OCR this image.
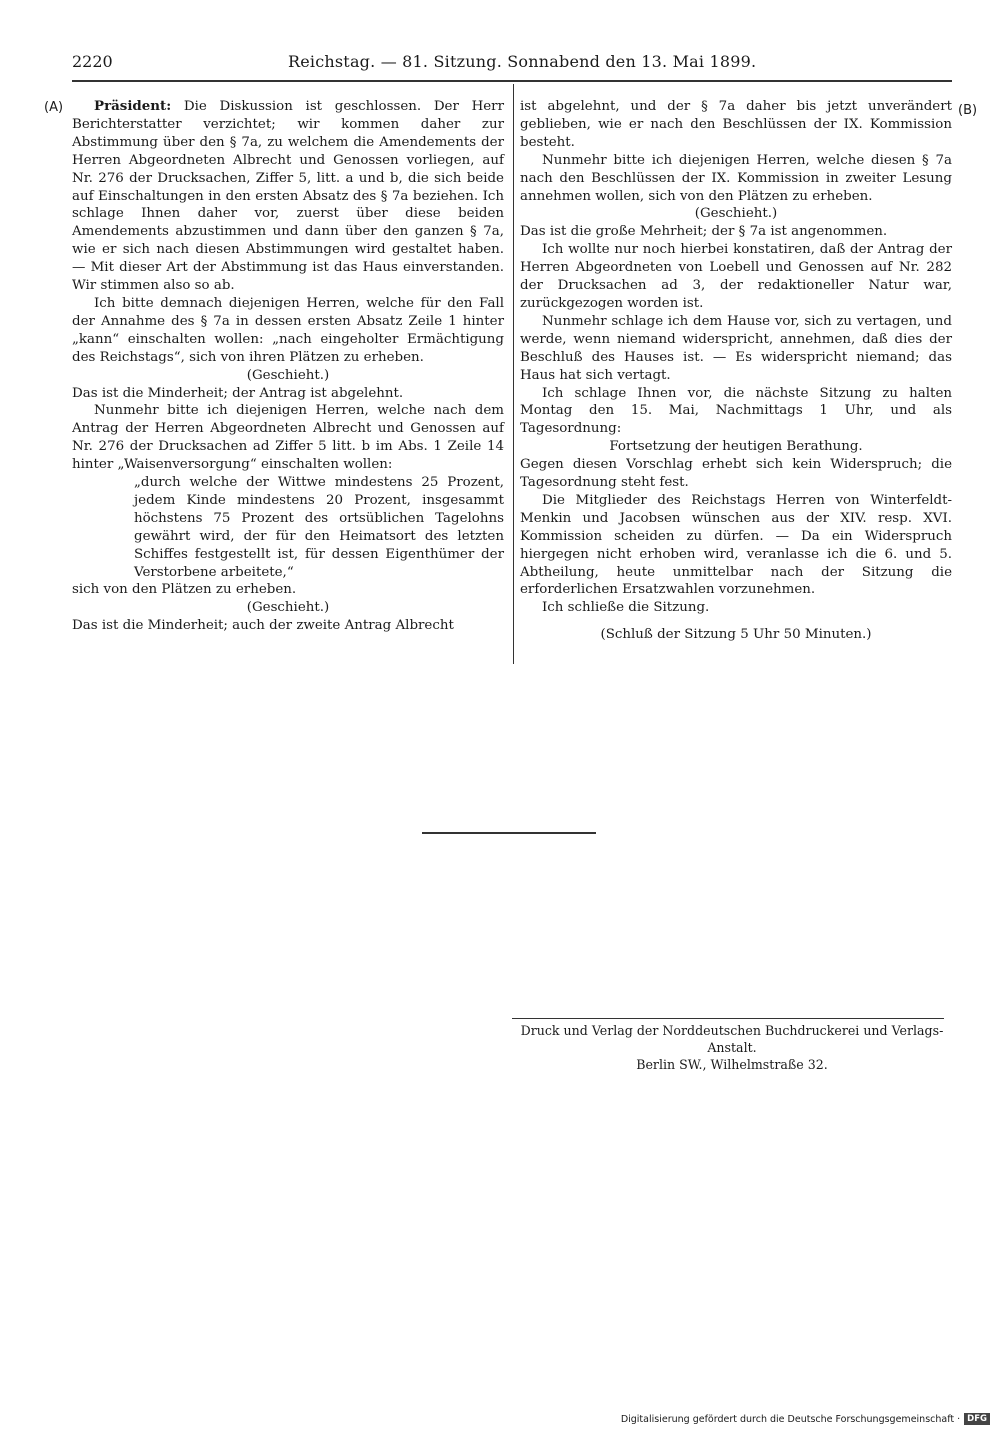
2220	Reichstag. — 81. Sitzung. Sonnabend den 13. Mai 1899.
(A)	(B)

Präsident: Die Diskussion ist geschlossen. Der Herr Berichterstatter verzichtet; wir kommen daher zur Abstimmung über den § 7a, zu welchem die Amendements der Herren Abgeordneten Albrecht und Genossen vorliegen, auf Nr. 276 der Drucksachen, Ziffer 5, litt. a und b, die sich beide auf Einschaltungen in den ersten Absatz des § 7a beziehen. Ich schlage Ihnen daher vor, zuerst über diese beiden Amendements abzustimmen und dann über den ganzen § 7a, wie er sich nach diesen Abstimmungen wird gestaltet haben. — Mit dieser Art der Abstimmung ist das Haus einverstanden. Wir stimmen also so ab.

Ich bitte demnach diejenigen Herren, welche für den Fall der Annahme des § 7a in dessen ersten Absatz Zeile 1 hinter „kann“ einschalten wollen: „nach eingeholter Ermächtigung des Reichstags“, sich von ihren Plätzen zu erheben.

(Geschieht.)

Das ist die Minderheit; der Antrag ist abgelehnt.

Nunmehr bitte ich diejenigen Herren, welche nach dem Antrag der Herren Abgeordneten Albrecht und Genossen auf Nr. 276 der Drucksachen ad Ziffer 5 litt. b im Abs. 1 Zeile 14 hinter „Waisenversorgung“ einschalten wollen:

„durch welche der Wittwe mindestens 25 Prozent, jedem Kinde mindestens 20 Prozent, insgesammt höchstens 75 Prozent des ortsüblichen Tagelohns gewährt wird, der für den Heimatsort des letzten Schiffes festgestellt ist, für dessen Eigenthümer der Verstorbene arbeitete,“

sich von den Plätzen zu erheben.

(Geschieht.)

Das ist die Minderheit; auch der zweite Antrag Albrecht

ist abgelehnt, und der § 7a daher bis jetzt unverändert geblieben, wie er nach den Beschlüssen der IX. Kommission besteht.

Nunmehr bitte ich diejenigen Herren, welche diesen § 7a nach den Beschlüssen der IX. Kommission in zweiter Lesung annehmen wollen, sich von den Plätzen zu erheben.

(Geschieht.)

Das ist die große Mehrheit; der § 7a ist angenommen.

Ich wollte nur noch hierbei konstatiren, daß der Antrag der Herren Abgeordneten von Loebell und Genossen auf Nr. 282 der Drucksachen ad 3, der redaktioneller Natur war, zurückgezogen worden ist.

Nunmehr schlage ich dem Hause vor, sich zu vertagen, und werde, wenn niemand widerspricht, annehmen, daß dies der Beschluß des Hauses ist. — Es widerspricht niemand; das Haus hat sich vertagt.

Ich schlage Ihnen vor, die nächste Sitzung zu halten Montag den 15. Mai, Nachmittags 1 Uhr, und als Tagesordnung:

Fortsetzung der heutigen Berathung.

Gegen diesen Vorschlag erhebt sich kein Widerspruch; die Tagesordnung steht fest.

Die Mitglieder des Reichstags Herren von Winterfeldt-Menkin und Jacobsen wünschen aus der XIV. resp. XVI. Kommission scheiden zu dürfen. — Da ein Widerspruch hiergegen nicht erhoben wird, veranlasse ich die 6. und 5. Abtheilung, heute unmittelbar nach der Sitzung die erforderlichen Ersatzwahlen vorzunehmen.

Ich schließe die Sitzung.

(Schluß der Sitzung 5 Uhr 50 Minuten.)

Druck und Verlag der Norddeutschen Buchdruckerei und Verlags-Anstalt.
Berlin SW., Wilhelmstraße 32.
Digitalisierung gefördert durch die Deutsche Forschungsgemeinschaft · DFG
